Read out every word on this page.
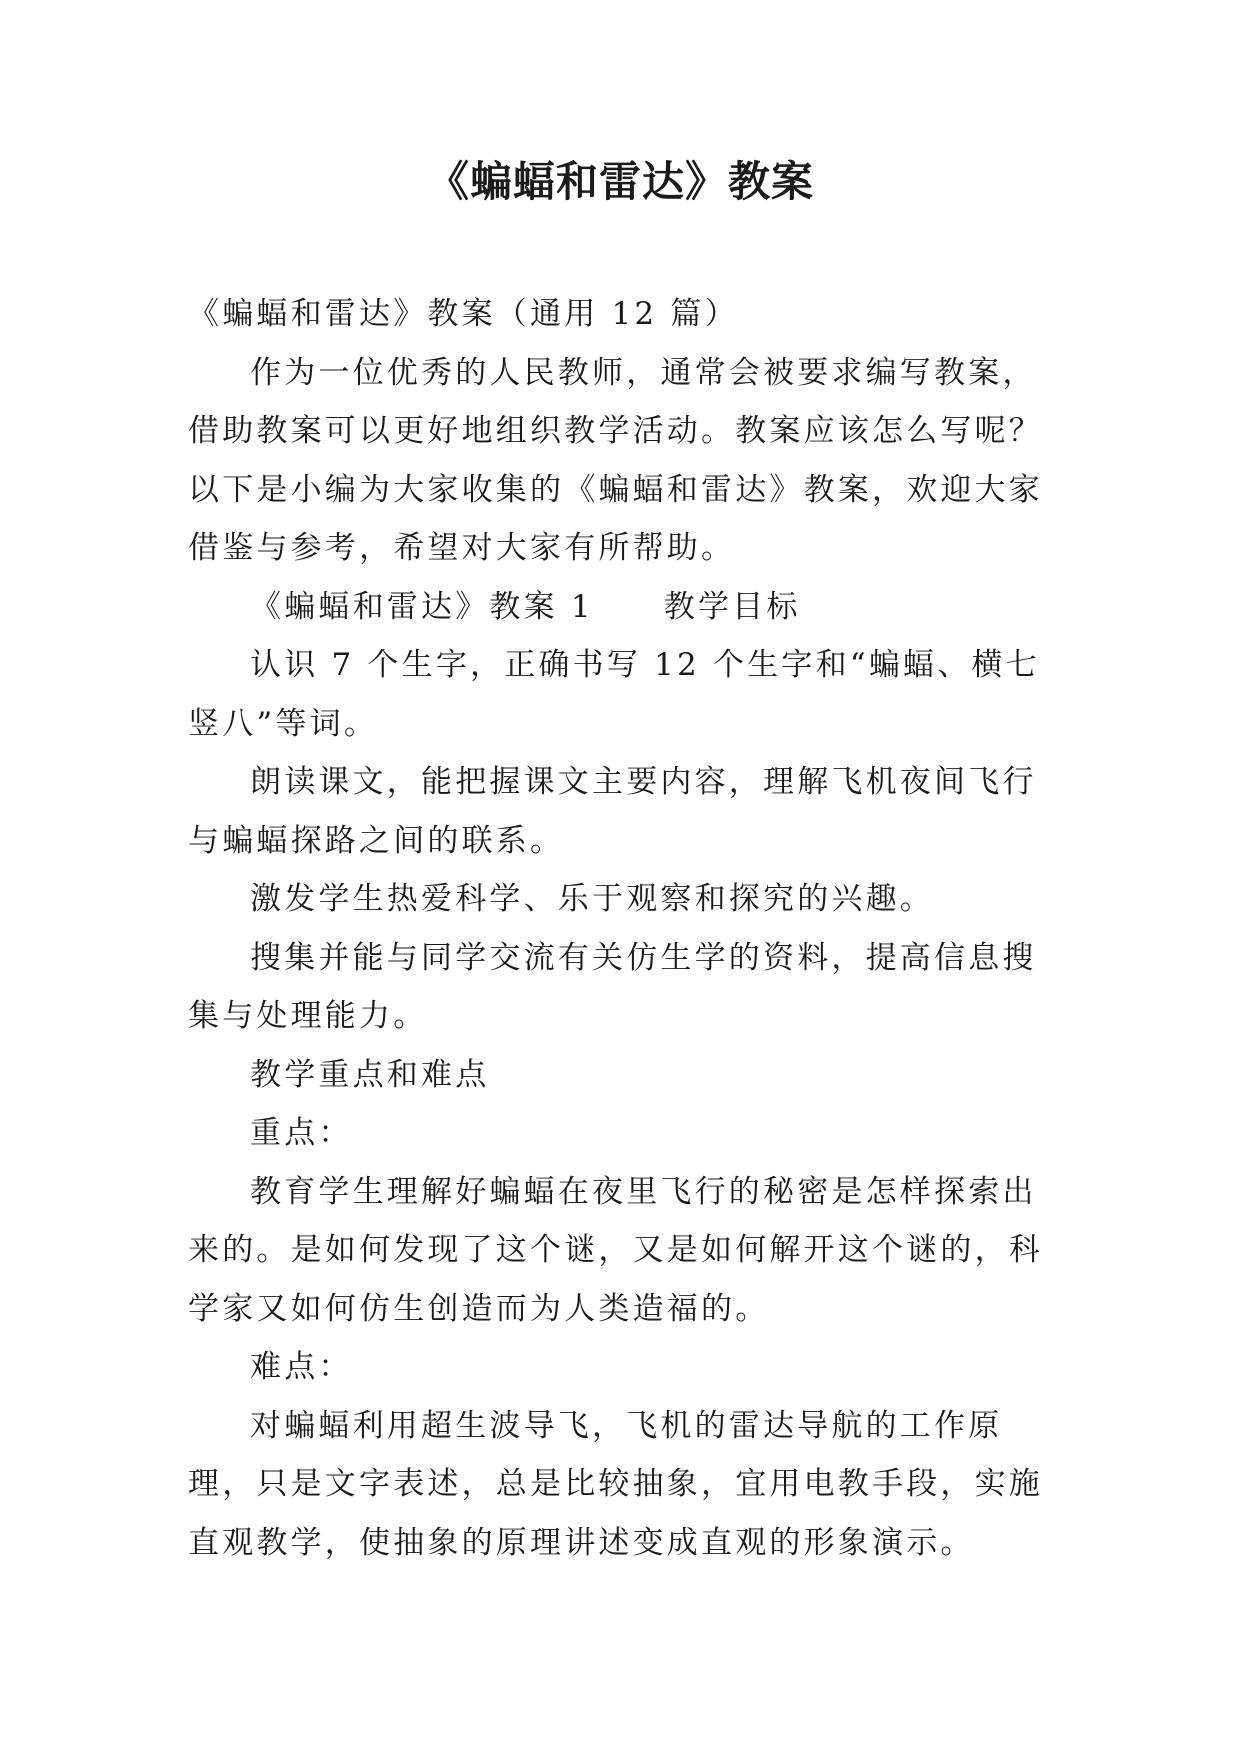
《蝙蝠和雷达》教案

《蝙蝠和雷达》教案（通用 12 篇）

作为一位优秀的人民教师，通常会被要求编写教案，借助教案可以更好地组织教学活动。教案应该怎么写呢？以下是小编为大家收集的《蝙蝠和雷达》教案，欢迎大家借鉴与参考，希望对大家有所帮助。

《蝙蝠和雷达》教案 1 教学目标

认识 7 个生字，正确书写 12 个生字和“蝙蝠、横七竖八”等词。

朗读课文，能把握课文主要内容，理解飞机夜间飞行与蝙蝠探路之间的联系。

激发学生热爱科学、乐于观察和探究的兴趣。

搜集并能与同学交流有关仿生学的资料，提高信息搜集与处理能力。

教学重点和难点

重点：

教育学生理解好蝙蝠在夜里飞行的秘密是怎样探索出来的。是如何发现了这个谜，又是如何解开这个谜的，科学家又如何仿生创造而为人类造福的。

难点：

对蝙蝠利用超生波导飞，飞机的雷达导航的工作原理，只是文字表述，总是比较抽象，宜用电教手段，实施直观教学，使抽象的原理讲述变成直观的形象演示。
